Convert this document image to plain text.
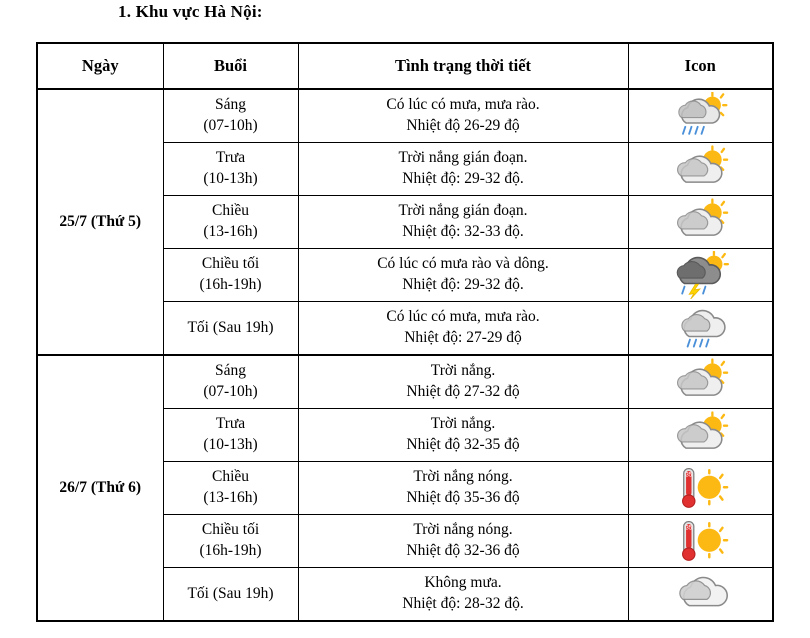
1. Khu vực Hà Nội:
Ngày	Buổi	Tình trạng thời tiết	Icon
25/7 (Thứ 5)	Sáng
(07-10h)	Có lúc có mưa, mưa rào.
Nhiệt độ 26-29 độ

	Trưa
(10-13h)	Trời nắng gián đoạn.
Nhiệt độ: 29-32 độ.

	Chiều
(13-16h)	Trời nắng gián đoạn.
Nhiệt độ: 32-33 độ.

	Chiều tối
(16h-19h)	Có lúc có mưa rào và dông.
Nhiệt độ: 29-32 độ.

	Tối (Sau 19h)	Có lúc có mưa, mưa rào.
Nhiệt độ: 27-29 độ

26/7 (Thứ 6)	Sáng
(07-10h)	Trời nắng.
Nhiệt độ 27-32 độ

	Trưa
(10-13h)	Trời nắng.
Nhiệt độ 32-35 độ

	Chiều
(13-16h)	Trời nắng nóng.
Nhiệt độ 35-36 độ	35

	Chiều tối
(16h-19h)	Trời nắng nóng.
Nhiệt độ 32-36 độ	35

	Tối (Sau 19h)	Không mưa.
Nhiệt độ: 28-32 độ.
